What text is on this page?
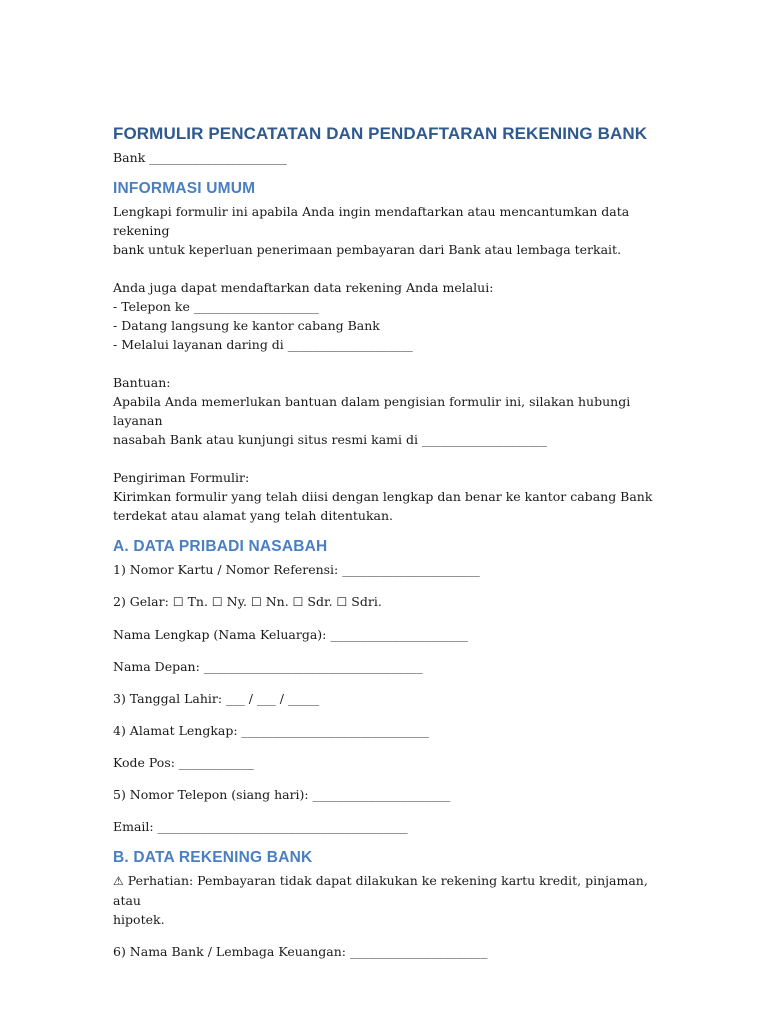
FORMULIR PENCATATAN DAN PENDAFTARAN REKENING BANK

Bank ______________________

INFORMASI UMUM

Lengkapi formulir ini apabila Anda ingin mendaftarkan atau mencantumkan data rekening

bank untuk keperluan penerimaan pembayaran dari Bank atau lembaga terkait.

Anda juga dapat mendaftarkan data rekening Anda melalui:

- Telepon ke ____________________

- Datang langsung ke kantor cabang Bank

- Melalui layanan daring di ____________________

Bantuan:

Apabila Anda memerlukan bantuan dalam pengisian formulir ini, silakan hubungi layanan

nasabah Bank atau kunjungi situs resmi kami di ____________________

Pengiriman Formulir:

Kirimkan formulir yang telah diisi dengan lengkap dan benar ke kantor cabang Bank

terdekat atau alamat yang telah ditentukan.

A. DATA PRIBADI NASABAH

1) Nomor Kartu / Nomor Referensi: ______________________

2) Gelar: ☐ Tn. ☐ Ny. ☐ Nn. ☐ Sdr. ☐ Sdri.

Nama Lengkap (Nama Keluarga): ______________________

Nama Depan: ___________________________________

3) Tanggal Lahir: ___ / ___ / _____

4) Alamat Lengkap: ______________________________

Kode Pos: ____________

5) Nomor Telepon (siang hari): ______________________

Email: ________________________________________

B. DATA REKENING BANK

⚠ Perhatian: Pembayaran tidak dapat dilakukan ke rekening kartu kredit, pinjaman, atau

hipotek.

6) Nama Bank / Lembaga Keuangan: ______________________
